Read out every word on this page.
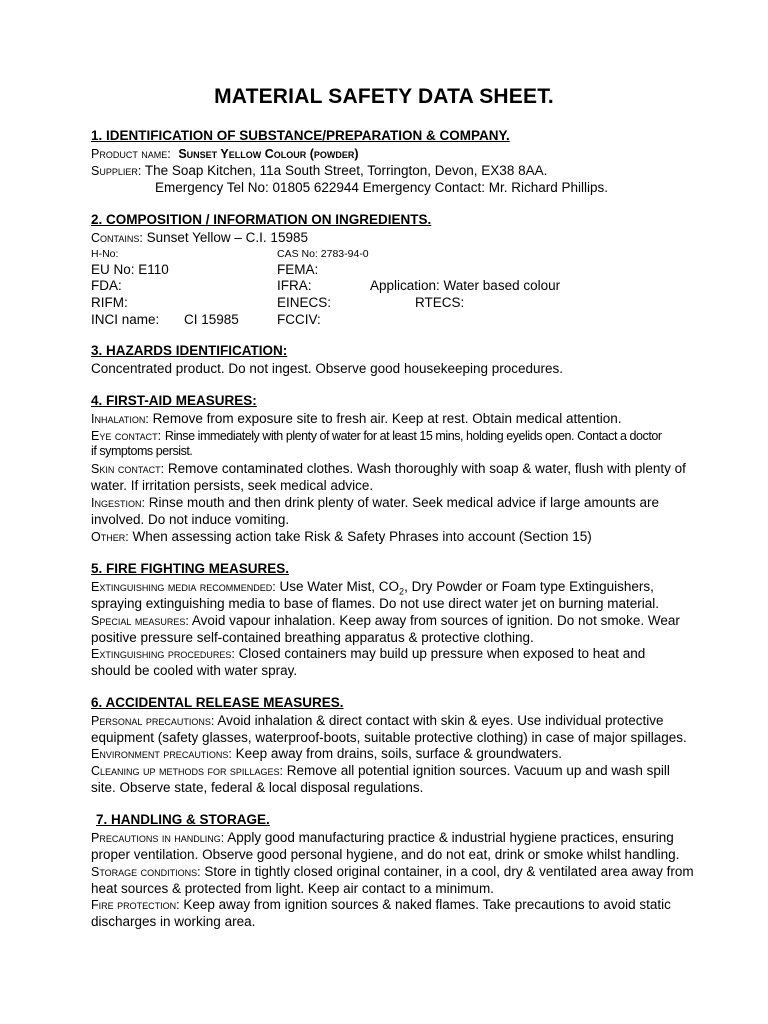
MATERIAL SAFETY DATA SHEET.
1. IDENTIFICATION OF SUBSTANCE/PREPARATION & COMPANY.
Product name: Sunset Yellow Colour (powder)
Supplier: The Soap Kitchen, 11a South Street, Torrington, Devon, EX38 8AA.
Emergency Tel No: 01805 622944 Emergency Contact: Mr. Richard Phillips.
2. COMPOSITION / INFORMATION ON INGREDIENTS.
Contains: Sunset Yellow – C.I. 15985
H-No:	CAS No: 2783-94-0
EU No: E110	FEMA:
FDA:	IFRA:	Application: Water based colour
RIFM:	EINECS:	RTECS:
INCI name: CI 15985	FCCIV:
3. HAZARDS IDENTIFICATION:
Concentrated product. Do not ingest. Observe good housekeeping procedures.
4. FIRST-AID MEASURES:
Inhalation: Remove from exposure site to fresh air. Keep at rest. Obtain medical attention.
Eye contact: Rinse immediately with plenty of water for at least 15 mins, holding eyelids open. Contact a doctor
if symptoms persist.
Skin contact: Remove contaminated clothes. Wash thoroughly with soap & water, flush with plenty of
water. If irritation persists, seek medical advice.
Ingestion: Rinse mouth and then drink plenty of water. Seek medical advice if large amounts are
involved. Do not induce vomiting.
Other: When assessing action take Risk & Safety Phrases into account (Section 15)
5. FIRE FIGHTING MEASURES.
Extinguishing media recommended: Use Water Mist, $CO_2$, Dry Powder or Foam type Extinguishers,
spraying extinguishing media to base of flames. Do not use direct water jet on burning material.
Special measures: Avoid vapour inhalation. Keep away from sources of ignition. Do not smoke. Wear
positive pressure self-contained breathing apparatus & protective clothing.
Extinguishing procedures: Closed containers may build up pressure when exposed to heat and
should be cooled with water spray.
6. ACCIDENTAL RELEASE MEASURES.
Personal precautions: Avoid inhalation & direct contact with skin & eyes. Use individual protective
equipment (safety glasses, waterproof-boots, suitable protective clothing) in case of major spillages.
Environment precautions: Keep away from drains, soils, surface & groundwaters.
Cleaning up methods for spillages: Remove all potential ignition sources. Vacuum up and wash spill
site. Observe state, federal & local disposal regulations.
7. HANDLING & STORAGE.
Precautions in handling: Apply good manufacturing practice & industrial hygiene practices, ensuring
proper ventilation. Observe good personal hygiene, and do not eat, drink or smoke whilst handling.
Storage conditions: Store in tightly closed original container, in a cool, dry & ventilated area away from
heat sources & protected from light. Keep air contact to a minimum.
Fire protection: Keep away from ignition sources & naked flames. Take precautions to avoid static
discharges in working area.
